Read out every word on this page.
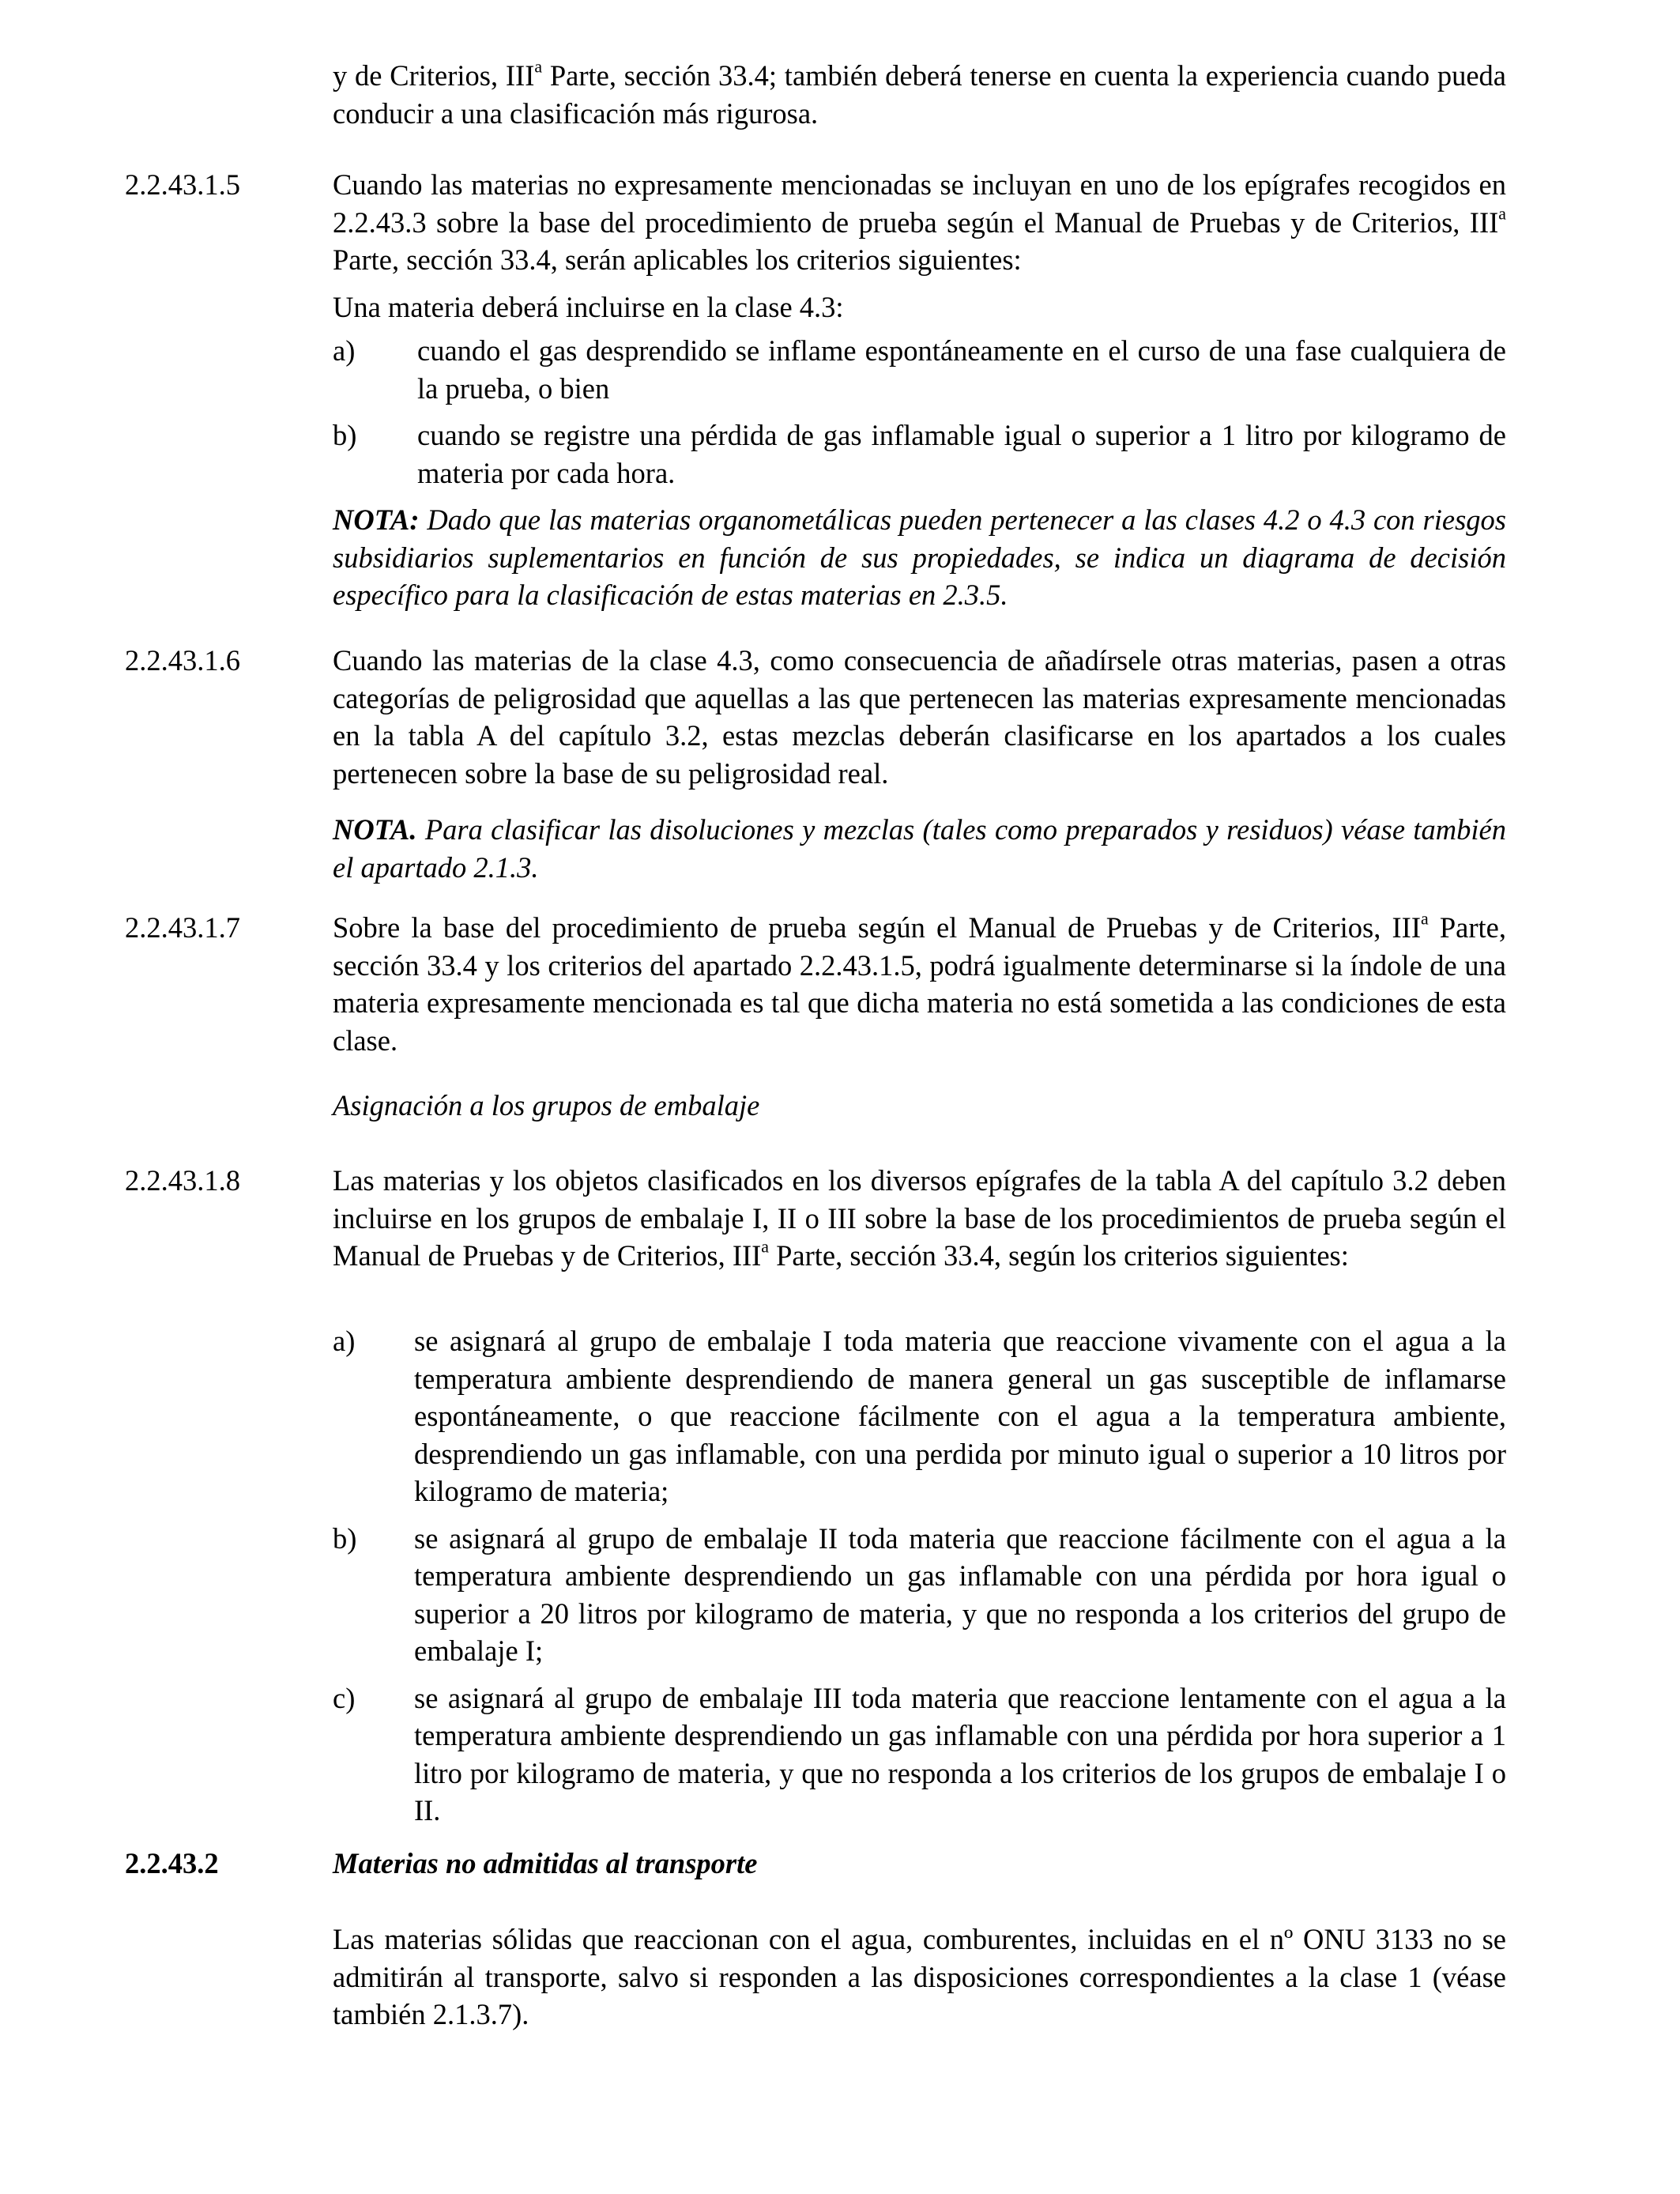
y de Criterios, III$^a$ Parte, sección 33.4; también deberá tenerse en cuenta la experiencia cuando pueda conducir a una clasificación más rigurosa.
2.2.43.1.5	Cuando las materias no expresamente mencionadas se incluyan en uno de los epígrafes recogidos en 2.2.43.3 sobre la base del procedimiento de prueba según el Manual de Pruebas y de Criterios, III$^a$ Parte, sección 33.4, serán aplicables los criterios siguientes:

Una materia deberá incluirse en la clase 4.3:

a) cuando el gas desprendido se inflame espontáneamente en el curso de una fase cualquiera de la prueba, o bien
b) cuando se registre una pérdida de gas inflamable igual o superior a 1 litro por kilogramo de materia por cada hora.

NOTA: Dado que las materias organometálicas pueden pertenecer a las clases 4.2 o 4.3 con riesgos subsidiarios suplementarios en función de sus propiedades, se indica un diagrama de decisión específico para la clasificación de estas materias en 2.3.5.

2.2.43.1.6	Cuando las materias de la clase 4.3, como consecuencia de añadírsele otras materias, pasen a otras categorías de peligrosidad que aquellas a las que pertenecen las materias expresamente mencionadas en la tabla A del capítulo 3.2, estas mezclas deberán clasificarse en los apartados a los cuales pertenecen sobre la base de su peligrosidad real.

NOTA. Para clasificar las disoluciones y mezclas (tales como preparados y residuos) véase también el apartado 2.1.3.

2.2.43.1.7	Sobre la base del procedimiento de prueba según el Manual de Pruebas y de Criterios, III$^a$ Parte, sección 33.4 y los criterios del apartado 2.2.43.1.5, podrá igualmente determinarse si la índole de una materia expresamente mencionada es tal que dicha materia no está sometida a las condiciones de esta clase.

Asignación a los grupos de embalaje
2.2.43.1.8	Las materias y los objetos clasificados en los diversos epígrafes de la tabla A del capítulo 3.2 deben incluirse en los grupos de embalaje I, II o III sobre la base de los procedimientos de prueba según el Manual de Pruebas y de Criterios, III$^a$ Parte, sección 33.4, según los criterios siguientes:

a) se asignará al grupo de embalaje I toda materia que reaccione vivamente con el agua a la temperatura ambiente desprendiendo de manera general un gas susceptible de inflamarse espontáneamente, o que reaccione fácilmente con el agua a la temperatura ambiente, desprendiendo un gas inflamable, con una perdida por minuto igual o superior a 10 litros por kilogramo de materia;
b) se asignará al grupo de embalaje II toda materia que reaccione fácilmente con el agua a la temperatura ambiente desprendiendo un gas inflamable con una pérdida por hora igual o superior a 20 litros por kilogramo de materia, y que no responda a los criterios del grupo de embalaje I;
c) se asignará al grupo de embalaje III toda materia que reaccione lentamente con el agua a la temperatura ambiente desprendiendo un gas inflamable con una pérdida por hora superior a 1 litro por kilogramo de materia, y que no responda a los criterios de los grupos de embalaje I o II.
2.2.43.2	Materias no admitidas al transporte

Las materias sólidas que reaccionan con el agua, comburentes, incluidas en el nº ONU 3133 no se admitirán al transporte, salvo si responden a las disposiciones correspondientes a la clase 1 (véase también 2.1.3.7).
